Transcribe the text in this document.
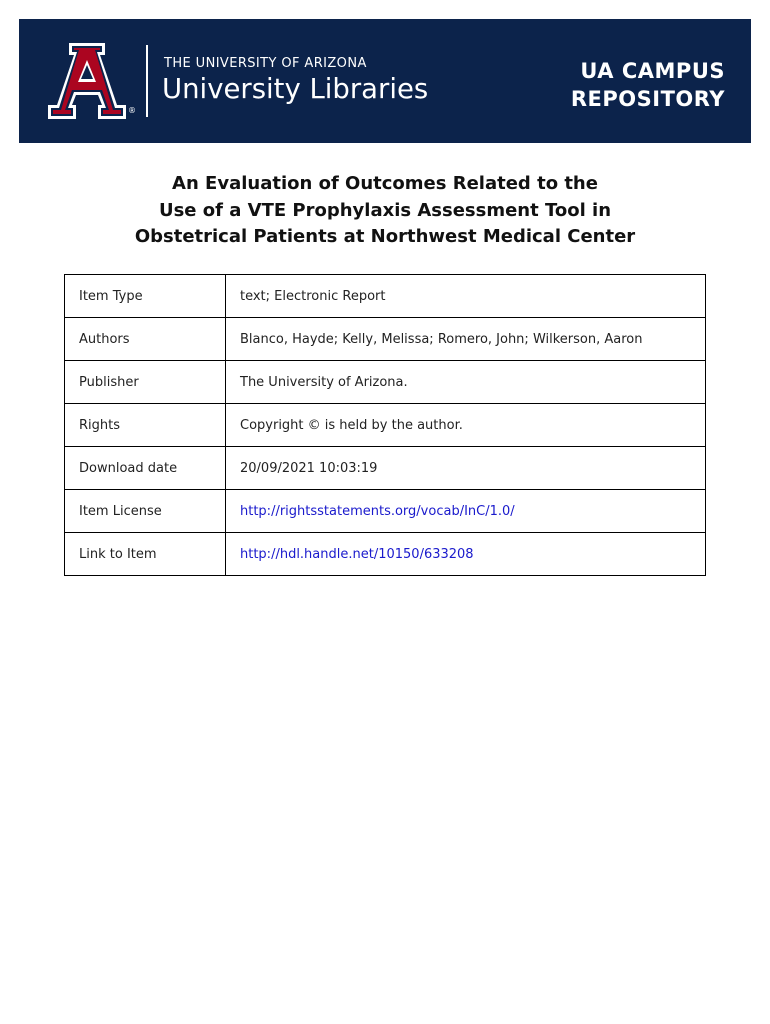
®
THE UNIVERSITY OF ARIZONA
University Libraries
UA CAMPUS
REPOSITORY
An Evaluation of Outcomes Related to the
Use of a VTE Prophylaxis Assessment Tool in
Obstetrical Patients at Northwest Medical Center
Item Type	text; Electronic Report
Authors	Blanco, Hayde; Kelly, Melissa; Romero, John; Wilkerson, Aaron
Publisher	The University of Arizona.
Rights	Copyright © is held by the author.
Download date	20/09/2021 10:03:19
Item License	http://rightsstatements.org/vocab/InC/1.0/
Link to Item	http://hdl.handle.net/10150/633208
